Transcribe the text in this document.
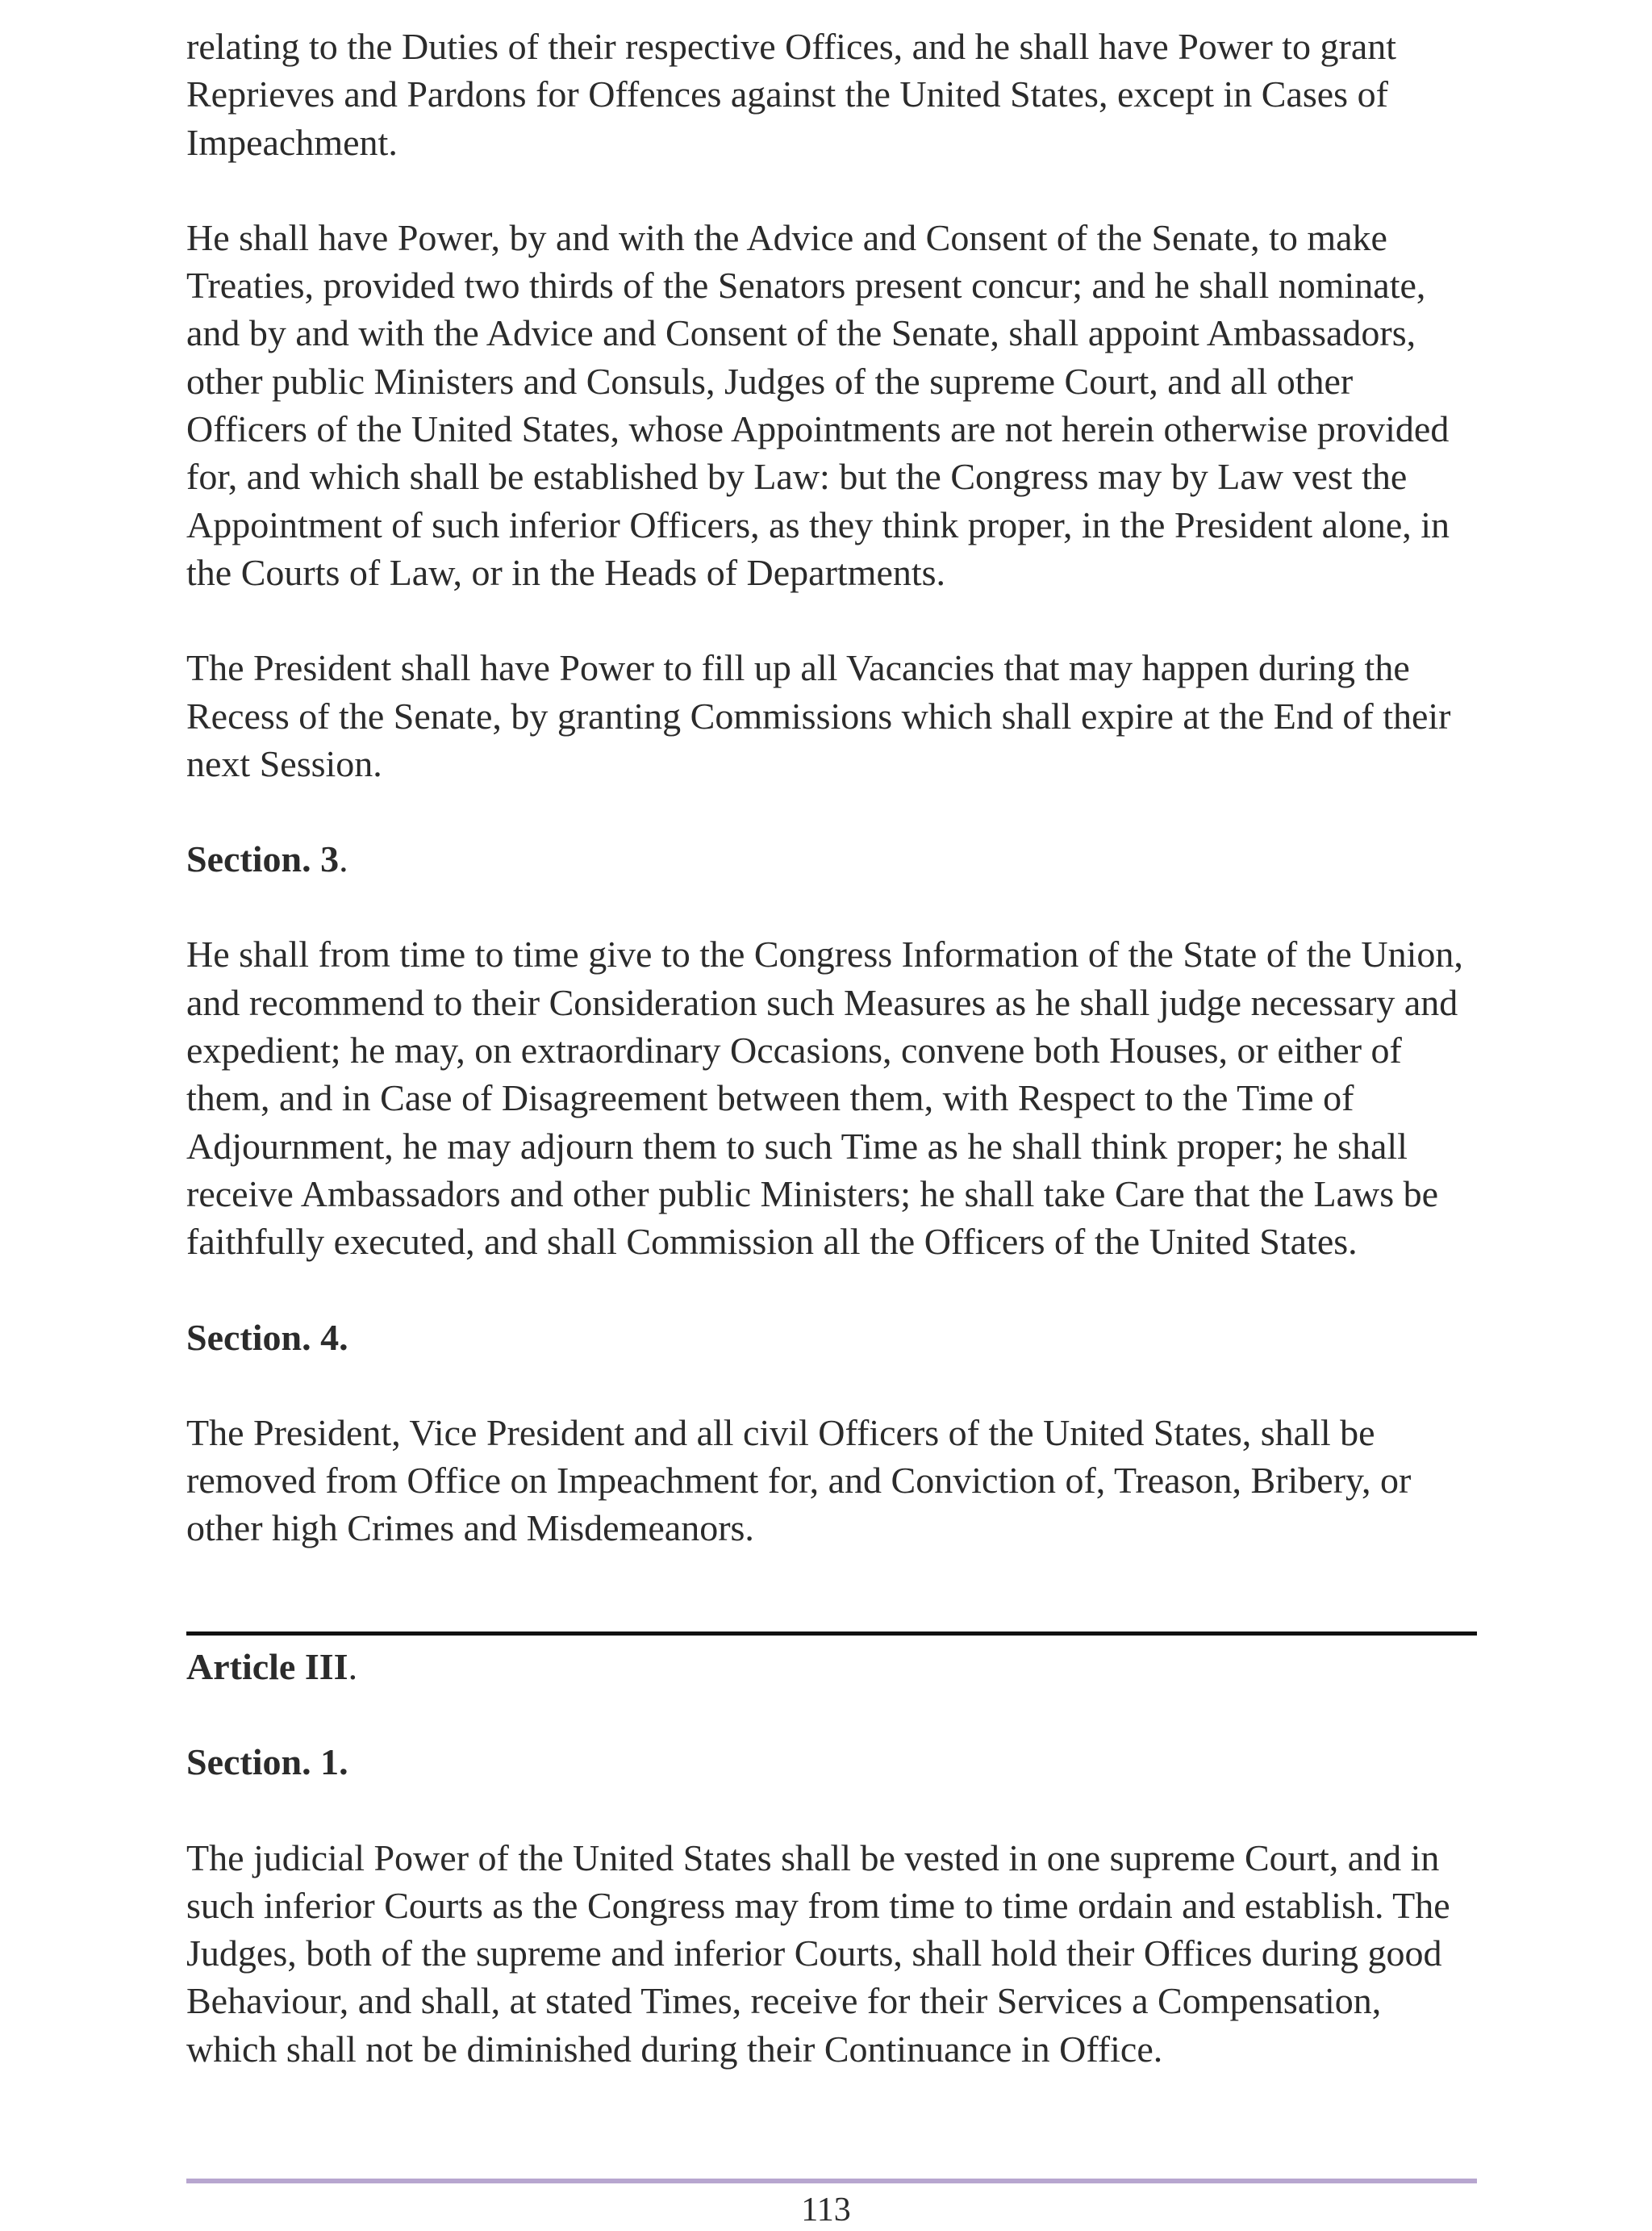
relating to the Duties of their respective Offices, and he shall have Power to grant Reprieves and Pardons for Offences against the United States, except in Cases of Impeachment.

He shall have Power, by and with the Advice and Consent of the Senate, to make Treaties, provided two thirds of the Senators present concur; and he shall nominate, and by and with the Advice and Consent of the Senate, shall appoint Ambassadors, other public Ministers and Consuls, Judges of the supreme Court, and all other Officers of the United States, whose Appointments are not herein otherwise provided for, and which shall be established by Law: but the Congress may by Law vest the Appointment of such inferior Officers, as they think proper, in the President alone, in the Courts of Law, or in the Heads of Departments.

The President shall have Power to fill up all Vacancies that may happen during the Recess of the Senate, by granting Commissions which shall expire at the End of their next Session.

Section. 3.

He shall from time to time give to the Congress Information of the State of the Union, and recommend to their Consideration such Measures as he shall judge necessary and expedient; he may, on extraordinary Occasions, convene both Houses, or either of them, and in Case of Disagreement between them, with Respect to the Time of Adjournment, he may adjourn them to such Time as he shall think proper; he shall receive Ambassadors and other public Ministers; he shall take Care that the Laws be faithfully executed, and shall Commission all the Officers of the United States.

Section. 4.

The President, Vice President and all civil Officers of the United States, shall be removed from Office on Impeachment for, and Conviction of, Treason, Bribery, or other high Crimes and Misdemeanors.

Article III.

Section. 1.

The judicial Power of the United States shall be vested in one supreme Court, and in such inferior Courts as the Congress may from time to time ordain and establish. The Judges, both of the supreme and inferior Courts, shall hold their Offices during good Behaviour, and shall, at stated Times, receive for their Services a Compensation, which shall not be diminished during their Continuance in Office.

113
